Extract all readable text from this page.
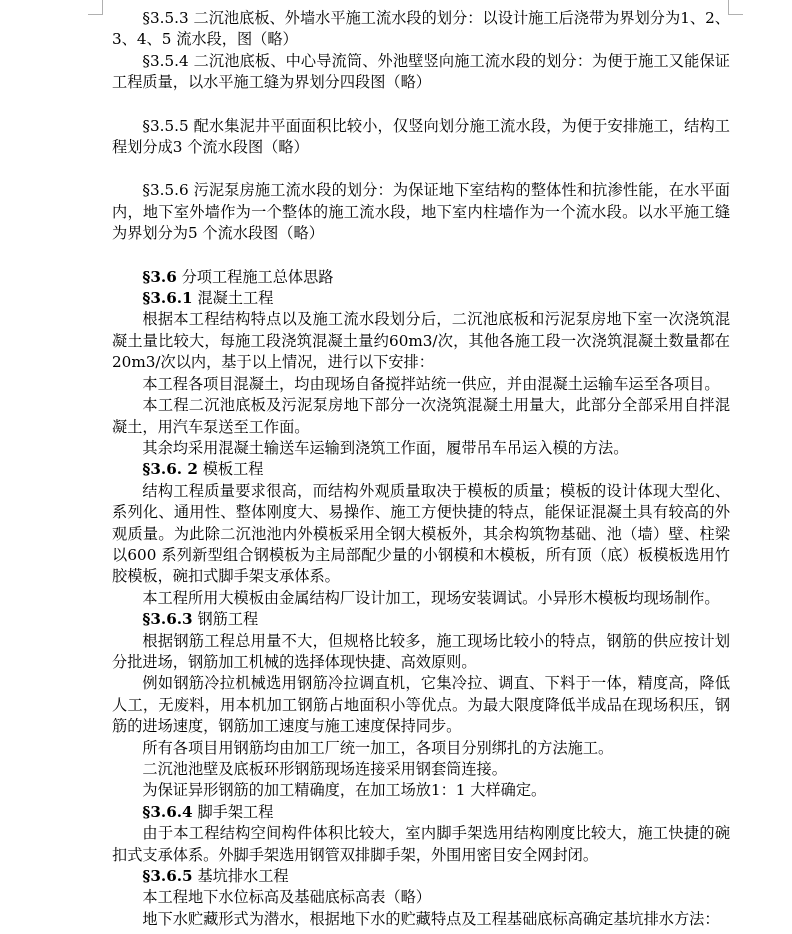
§3.5.3 二沉池底板、外墙水平施工流水段的划分：以设计施工后浇带为界划分为1、2、3、4、5 流水段，图（略）

§3.5.4 二沉池底板、中心导流筒、外池壁竖向施工流水段的划分：为便于施工又能保证工程质量，以水平施工缝为界划分四段图（略）

§3.5.5 配水集泥井平面面积比较小，仅竖向划分施工流水段，为便于安排施工，结构工程划分成3 个流水段图（略）

§3.5.6 污泥泵房施工流水段的划分：为保证地下室结构的整体性和抗渗性能，在水平面内，地下室外墙作为一个整体的施工流水段，地下室内柱墙作为一个流水段。以水平施工缝为界划分为5 个流水段图（略）

§3.6 分项工程施工总体思路

§3.6.1 混凝土工程

根据本工程结构特点以及施工流水段划分后，二沉池底板和污泥泵房地下室一次浇筑混凝土量比较大，每施工段浇筑混凝土量约60m3/次，其他各施工段一次浇筑混凝土数量都在20m3/次以内，基于以上情况，进行以下安排：

本工程各项目混凝土，均由现场自备搅拌站统一供应，并由混凝土运输车运至各项目。

本工程二沉池底板及污泥泵房地下部分一次浇筑混凝土用量大，此部分全部采用自拌混凝土，用汽车泵送至工作面。

其余均采用混凝土输送车运输到浇筑工作面，履带吊车吊运入模的方法。

§3.6. 2 模板工程

结构工程质量要求很高，而结构外观质量取决于模板的质量；模板的设计体现大型化、系列化、通用性、整体刚度大、易操作、施工方便快捷的特点，能保证混凝土具有较高的外观质量。为此除二沉池池内外模板采用全钢大模板外，其余构筑物基础、池（墙）壁、柱梁以600 系列新型组合钢模板为主局部配少量的小钢模和木模板，所有顶（底）板模板选用竹胶模板，碗扣式脚手架支承体系。

本工程所用大模板由金属结构厂设计加工，现场安装调试。小异形木模板均现场制作。

§3.6.3 钢筋工程

根据钢筋工程总用量不大，但规格比较多，施工现场比较小的特点，钢筋的供应按计划分批进场，钢筋加工机械的选择体现快捷、高效原则。

例如钢筋冷拉机械选用钢筋冷拉调直机，它集冷拉、调直、下料于一体，精度高，降低人工，无废料，用本机加工钢筋占地面积小等优点。为最大限度降低半成品在现场积压，钢筋的进场速度，钢筋加工速度与施工速度保持同步。

所有各项目用钢筋均由加工厂统一加工，各项目分别绑扎的方法施工。

二沉池池壁及底板环形钢筋现场连接采用钢套筒连接。

为保证异形钢筋的加工精确度，在加工场放1：1 大样确定。

§3.6.4 脚手架工程

由于本工程结构空间构件体积比较大，室内脚手架选用结构刚度比较大，施工快捷的碗扣式支承体系。外脚手架选用钢管双排脚手架，外围用密目安全网封闭。

§3.6.5 基坑排水工程

本工程地下水位标高及基础底标高表（略）

地下水贮藏形式为潜水，根据地下水的贮藏特点及工程基础底标高确定基坑排水方法：
